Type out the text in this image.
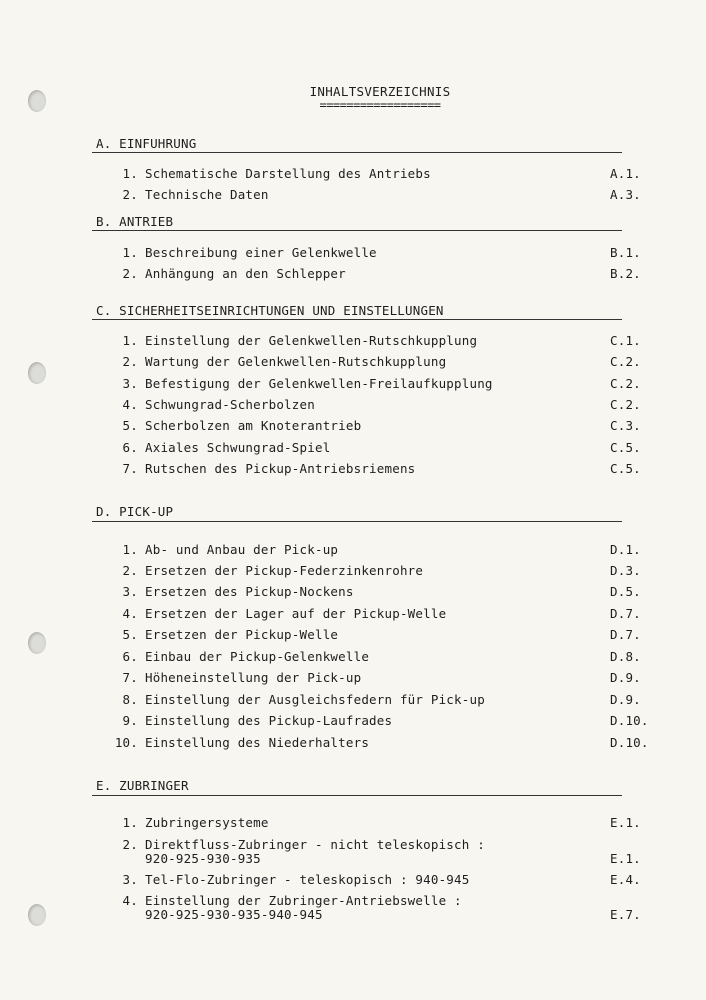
INHALTSVERZEICHNIS
==================
A. EINFUHRUNG
1. Schematische Darstellung des Antriebs	A.1.
2. Technische Daten	A.3.
B. ANTRIEB
1. Beschreibung einer Gelenkwelle	B.1.
2. Anhängung an den Schlepper	B.2.
C. SICHERHEITSEINRICHTUNGEN UND EINSTELLUNGEN
1. Einstellung der Gelenkwellen-Rutschkupplung	C.1.
2. Wartung der Gelenkwellen-Rutschkupplung	C.2.
3. Befestigung der Gelenkwellen-Freilaufkupplung	C.2.
4. Schwungrad-Scherbolzen	C.2.
5. Scherbolzen am Knoterantrieb	C.3.
6. Axiales Schwungrad-Spiel	C.5.
7. Rutschen des Pickup-Antriebsriemens	C.5.
D. PICK-UP
1. Ab- und Anbau der Pick-up	D.1.
2. Ersetzen der Pickup-Federzinkenrohre	D.3.
3. Ersetzen des Pickup-Nockens	D.5.
4. Ersetzen der Lager auf der Pickup-Welle	D.7.
5. Ersetzen der Pickup-Welle	D.7.
6. Einbau der Pickup-Gelenkwelle	D.8.
7. Höheneinstellung der Pick-up	D.9.
8. Einstellung der Ausgleichsfedern für Pick-up	D.9.
9. Einstellung des Pickup-Laufrades	D.10.
10. Einstellung des Niederhalters	D.10.
E. ZUBRINGER
1. Zubringersysteme	E.1.
2. Direktfluss-Zubringer - nicht teleskopisch :
920-925-930-935	E.1.
3. Tel-Flo-Zubringer - teleskopisch : 940-945	E.4.
4. Einstellung der Zubringer-Antriebswelle :
920-925-930-935-940-945	E.7.
